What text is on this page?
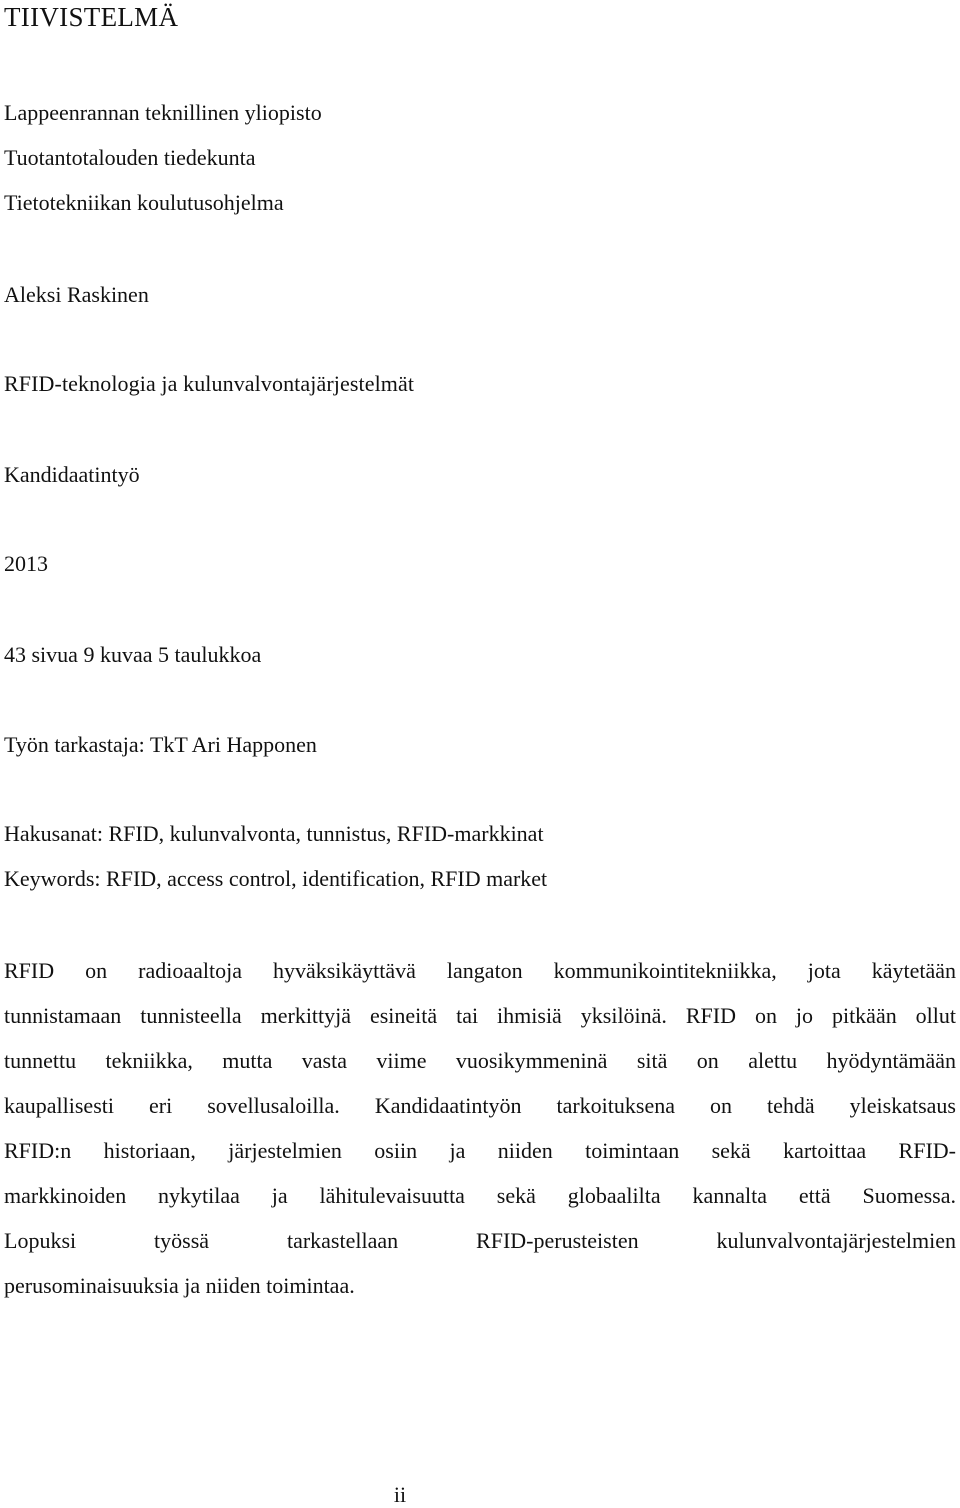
TIIVISTELMÄ
Lappeenrannan teknillinen yliopisto
Tuotantotalouden tiedekunta
Tietotekniikan koulutusohjelma
Aleksi Raskinen
RFID-teknologia ja kulunvalvontajärjestelmät
Kandidaatintyö
2013
43 sivua 9 kuvaa 5 taulukkoa
Työn tarkastaja: TkT Ari Happonen
Hakusanat: RFID, kulunvalvonta, tunnistus, RFID-markkinat
Keywords: RFID, access control, identification, RFID market
RFID on radioaaltoja hyväksikäyttävä langaton kommunikointitekniikka, jota käytetään
tunnistamaan tunnisteella merkittyjä esineitä tai ihmisiä yksilöinä. RFID on jo pitkään ollut
tunnettu tekniikka, mutta vasta viime vuosikymmeninä sitä on alettu hyödyntämään
kaupallisesti eri sovellusaloilla. Kandidaatintyön tarkoituksena on tehdä yleiskatsaus
RFID:n historiaan, järjestelmien osiin ja niiden toimintaan sekä kartoittaa RFID-
markkinoiden nykytilaa ja lähitulevaisuutta sekä globaalilta kannalta että Suomessa.
Lopuksi työssä tarkastellaan RFID-perusteisten kulunvalvontajärjestelmien
perusominaisuuksia ja niiden toimintaa.
ii
